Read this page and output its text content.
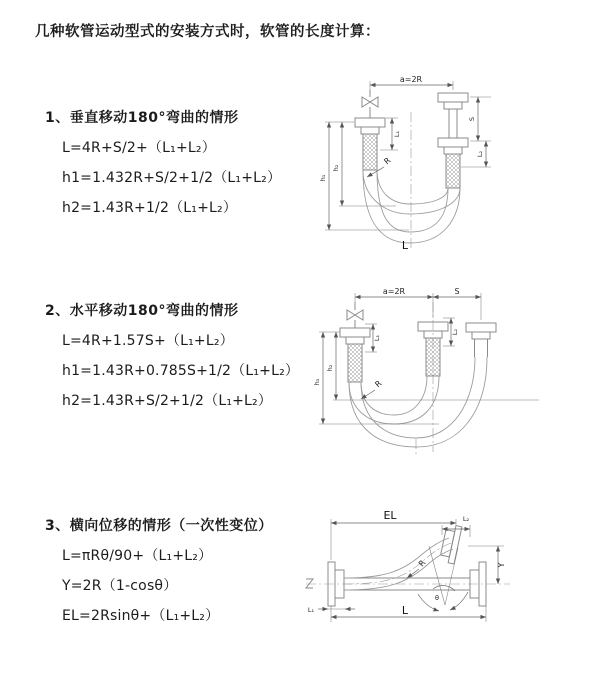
几种软管运动型式的安装方式时，软管的长度计算：
1、垂直移动180°弯曲的情形
L=4R+S/2+（L₁+L₂）
h1=1.432R+S/2+1/2（L₁+L₂）
h2=1.43R+1/2（L₁+L₂）
2、水平移动180°弯曲的情形
L=4R+1.57S+（L₁+L₂）
h1=1.43R+0.785S+1/2（L₁+L₂）
h2=1.43R+S/2+1/2（L₁+L₂）
3、横向位移的情形（一次性变位）
L=πRθ/90+（L₁+L₂）
Y=2R（1-cosθ）
EL=2Rsinθ+（L₁+L₂）
a=2R
h₁
h₂
L₁
S
L₂
R
L
a=2R	S
h₁
h₂
L₁
L₂
R
EL	L₂
Y
θ
R
L
L₁
